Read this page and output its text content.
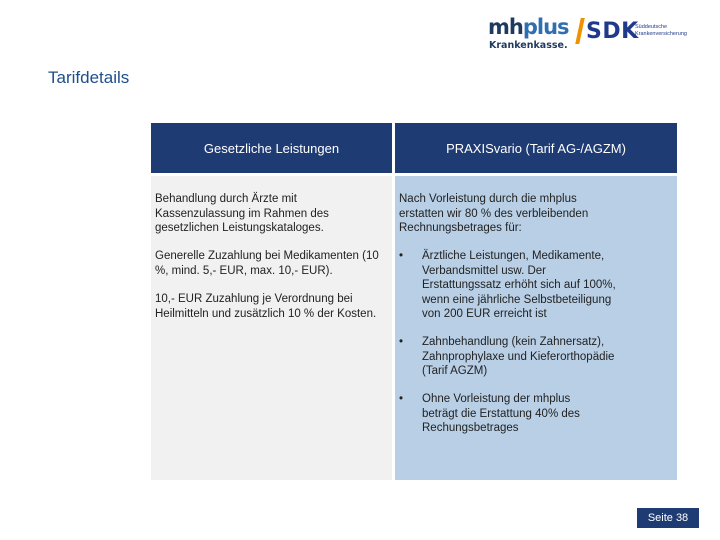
mhplus
Krankenkasse.
SDK
Süddeutsche
Krankenversicherung
Tarifdetails
Gesetzliche Leistungen	PRAXISvario (Tarif AG-/AGZM)
Behandlung durch Ärzte mit Kassenzulassung im Rahmen des gesetzlichen Leistungskataloges.
Generelle Zuzahlung bei Medikamenten (10 %, mind. 5,- EUR, max. 10,- EUR).
10,- EUR Zuzahlung je Verordnung bei Heilmitteln und zusätzlich 10 % der Kosten.
Nach Vorleistung durch die mhplus erstatten wir 80 % des verbleibenden Rechnungsbetrages für:
• Ärztliche Leistungen, Medikamente, Verbandsmittel usw. Der Erstattungssatz erhöht sich auf 100%, wenn eine jährliche Selbstbeteiligung von 200 EUR erreicht ist
• Zahnbehandlung (kein Zahnersatz), Zahnprophylaxe und Kieferorthopädie (Tarif AGZM)
• Ohne Vorleistung der mhplus beträgt die Erstattung 40% des Rechungsbetrages
Seite 38
